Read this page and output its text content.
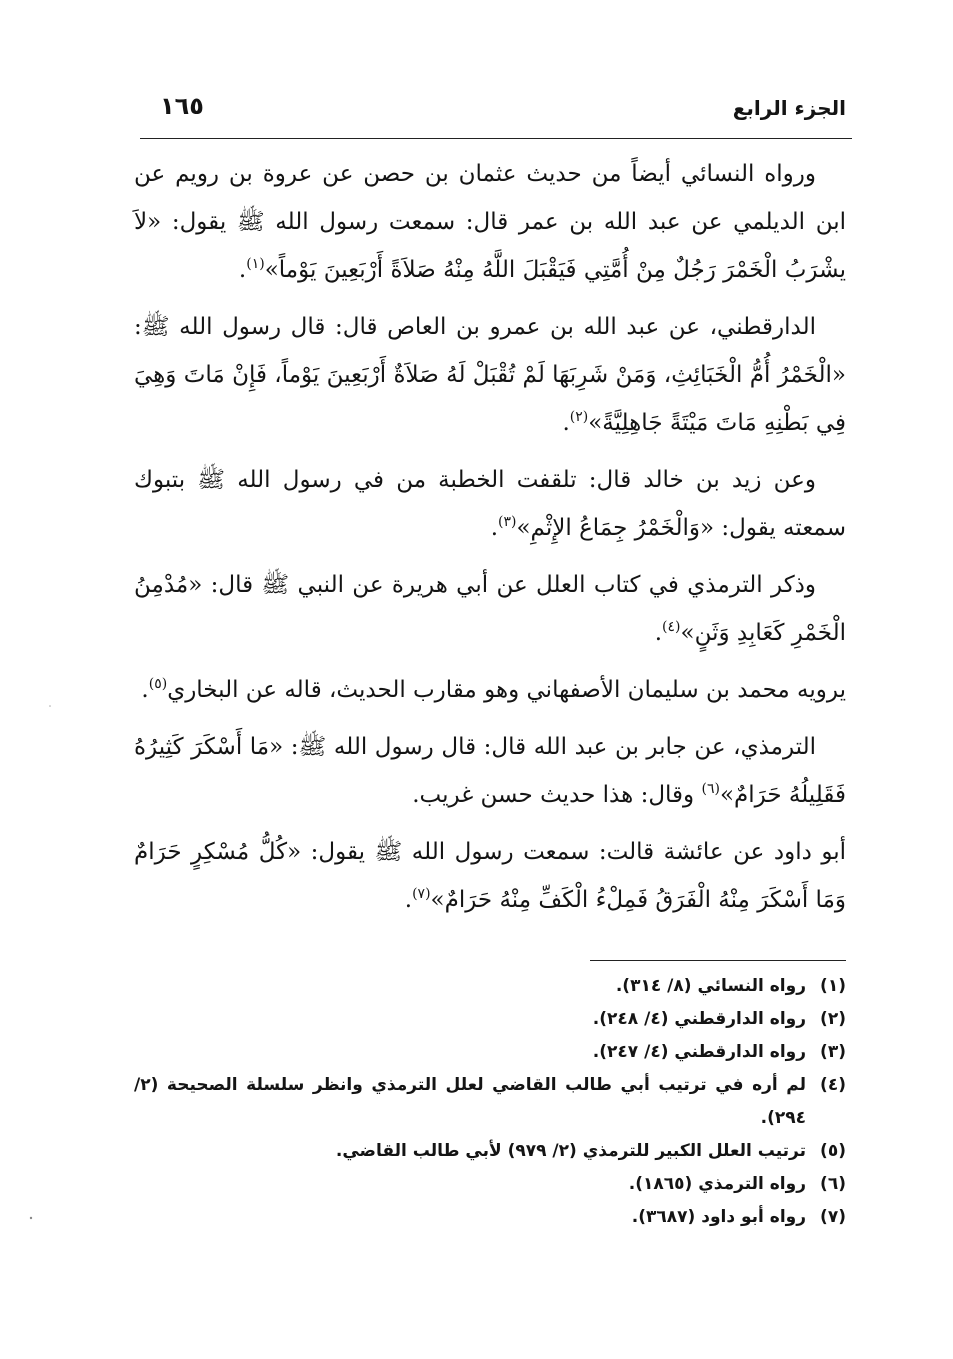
الجزء الرابع
١٦٥

ورواه النسائي أيضاً من حديث عثمان بن حصن عن عروة بن رويم عن ابن الديلمي عن عبد الله بن عمر قال: سمعت رسول الله ﷺ يقول: «لاَ يشْرَبُ الْخَمْرَ رَجُلٌ مِنْ أُمَّتِي فَيَقْبَلَ اللَّهُ مِنْهُ صَلاَةً أَرْبَعِينَ يَوْماً»$^{(١)}$.

الدارقطني، عن عبد الله بن عمرو بن العاص قال: قال رسول الله ﷺ: «الْخَمْرُ أُمُّ الْخَبَائِثِ، وَمَنْ شَرِبَهَا لَمْ تُقْبَلْ لَهُ صَلاَةٌ أَرْبَعِينَ يَوْماً، فَإِنْ مَاتَ وَهِيَ فِي بَطْنِهِ مَاتَ مَيْتَةً جَاهِلِيَّةً»$^{(٢)}$.

وعن زيد بن خالد قال: تلقفت الخطبة من في رسول الله ﷺ بتبوك سمعته يقول: «وَالْخَمْرُ جِمَاعُ الإِثْمِ»$^{(٣)}$.

وذكر الترمذي في كتاب العلل عن أبي هريرة عن النبي ﷺ قال: «مُدْمِنُ الْخَمْرِ كَعَابِدِ وَثَنٍ»$^{(٤)}$.

يرويه محمد بن سليمان الأصفهاني وهو مقارب الحديث، قاله عن البخاري$^{(٥)}$.

الترمذي، عن جابر بن عبد الله قال: قال رسول الله ﷺ: «مَا أَسْكَرَ كَثِيرُهُ فَقَلِيلُهُ حَرَامٌ»$^{(٦)}$ وقال: هذا حديث حسن غريب.

أبو داود عن عائشة قالت: سمعت رسول الله ﷺ يقول: «كُلُّ مُسْكِرٍ حَرَامٌ وَمَا أَسْكَرَ مِنْهُ الْفَرَقُ فَمِلْءُ الْكَفِّ مِنْهُ حَرَامٌ»$^{(٧)}$.

(١)
رواه النسائي (٨/ ٣١٤).
(٢)
رواه الدارقطني (٤/ ٢٤٨).
(٣)
رواه الدارقطني (٤/ ٢٤٧).
(٤)
لم أره في ترتيب أبي طالب القاضي لعلل الترمذي وانظر سلسلة الصحيحة (٢/ ٢٩٤).
(٥)
ترتيب العلل الكبير للترمذي (٢/ ٩٧٩) لأبي طالب القاضي.
(٦)
رواه الترمذي (١٨٦٥).
(٧)
رواه أبو داود (٣٦٨٧).
